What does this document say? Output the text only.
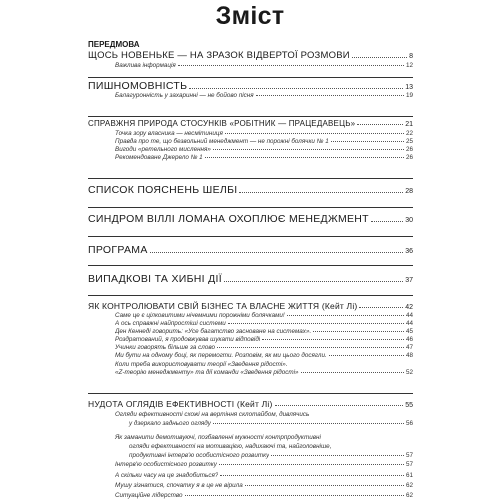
Зміст
ПЕРЕДМОВА
ЩОСЬ НОВЕНЬКЕ — НА ЗРАЗОК ВІДВЕРТОЇ РОЗМОВИ	8
Важлива інформація	12
ПИШНОМОВНІСТЬ	13
Балагуронність у захаринні — не бойово пісня	19
СПРАВЖНЯ ПРИРОДА СТОСУНКІВ «РОБІТНИК — ПРАЦЕДАВЕЦЬ»	21
Точка зору власника — несмітиниця	22
Правда про те, що безвольний менеджмент — не порожні болячки № 1	25
Вигоди «ретельного мислення»	26
Рекомендоване Джерело № 1	26
СПИСОК ПОЯСНЕНЬ ШЕЛБІ	28
СИНДРОМ ВІЛЛІ ЛОМАНА ОХОПЛЮЄ МЕНЕДЖМЕНТ	30
ПРОГРАМА	36
ВИПАДКОВІ ТА ХИБНІ ДІЇ	37
ЯК КОНТРОЛЮВАТИ СВІЙ БІЗНЕС ТА ВЛАСНЕ ЖИТТЯ (Кейт Лі)	42
Саме це є цілковитими нічемними порожніми болячками!	44
А ось справжні найпростіші системи	44
Ден Кеннеді говорить: «Усе багатство засноване на системах».	45
Роздратований, я продовжував шукати відповіді	46
Учинки говорять більше за слово	47
Ми бути на одному боці, як перемогти. Розповім, як ми цього досягли.	48
Коли треба використовувати теорії «Зведення рідості».
«Z-теорію менеджменту» та дії команди «Зведення рідості»	52
НУДОТА ОГЛЯДІВ ЕФЕКТИВНОСТІ (Кейт Лі)	55
Огляди ефективності схожі на вертіння склотайбом, дивлячись
у дзеркало заднього огляду	56
Як заманити демотивуючі, позбавленні мужності контрпродуктивні
огляди ефективності на мотивацією, надихаючі та, найголовніше,
продуктивні інтерв'ю особистісного розвитку	57
Інтерв'ю особистісного розвитку	57
А скільки часу на це знадобиться?	61
Мушу зізнатися, спочатку я в це не вірила	62
Ситуаційне лідерство	62
